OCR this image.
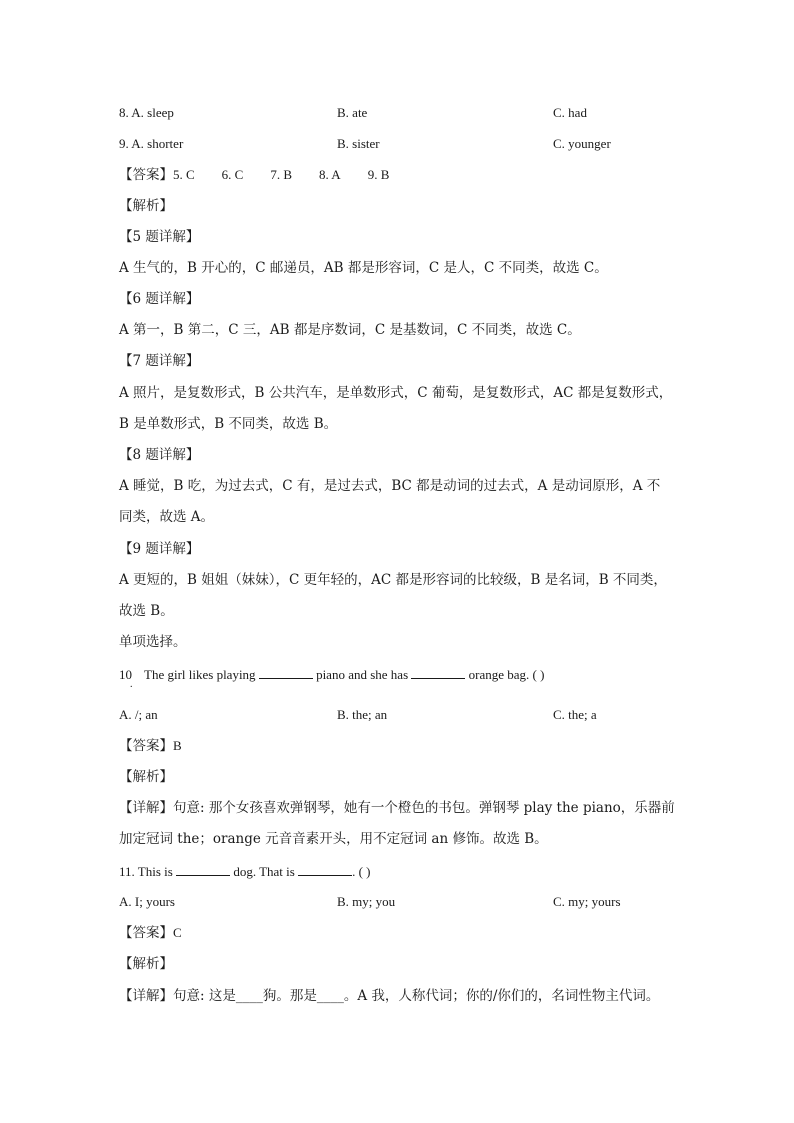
8. A. sleep	B. ate	C. had
9. A. shorter	B. sister	C. younger
【答案】5. C 6. C 7. B 8. A 9. B
【解析】
【5 题详解】
A 生气的，B 开心的，C 邮递员，AB 都是形容词，C 是人，C 不同类，故选 C。
【6 题详解】
A 第一，B 第二，C 三，AB 都是序数词，C 是基数词，C 不同类，故选 C。
【7 题详解】
A 照片，是复数形式，B 公共汽车，是单数形式，C 葡萄，是复数形式，AC 都是复数形式，
B 是单数形式，B 不同类，故选 B。
【8 题详解】
A 睡觉，B 吃，为过去式，C 有，是过去式，BC 都是动词的过去式，A 是动词原形，A 不
同类，故选 A。
【9 题详解】
A 更短的，B 姐姐（妹妹），C 更年轻的，AC 都是形容词的比较级，B 是名词，B 不同类，
故选 B。
单项选择。
10 The girl likes playing	piano and she has	orange bag. ( )
.
A. /; an	B. the; an	C. the; a
【答案】B
【解析】
【详解】句意: 那个女孩喜欢弹钢琴，她有一个橙色的书包。弹钢琴 play the piano，乐器前
加定冠词 the；orange 元音音素开头，用不定冠词 an 修饰。故选 B。
11. This is	dog. That is	. ( )
A. I; yours	B. my; you	C. my; yours
【答案】C
【解析】
【详解】句意: 这是____狗。那是____。A 我，人称代词；你的/你们的，名词性物主代词。
